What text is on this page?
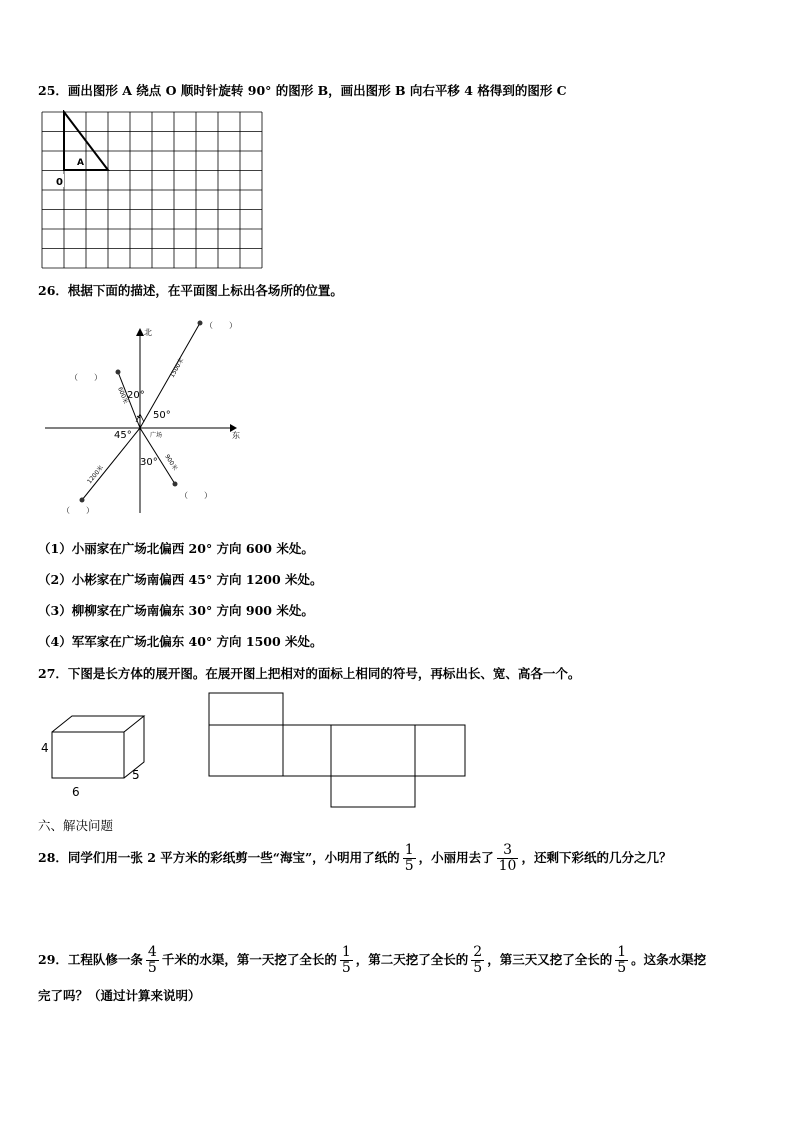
25．画出图形 A 绕点 O 顺时针旋转 90° 的图形 B，画出图形 B 向右平移 4 格得到的图形 C
A
0
26．根据下面的描述，在平面图上标出各场所的位置。
北
东
20°
50°
45°
30°
广场
1500米
600米
1200米
900米
（　　）
（　　）
（　　）
（　　）
（1）小丽家在广场北偏西 20° 方向 600 米处。
（2）小彬家在广场南偏西 45° 方向 1200 米处。
（3）柳柳家在广场南偏东 30° 方向 900 米处。
（4）军军家在广场北偏东 40° 方向 1500 米处。
27．下图是长方体的展开图。在展开图上把相对的面标上相同的符号，再标出长、宽、高各一个。
4
5
6
六、解决问题
28．同学们用一张 2 平方米的彩纸剪一些“海宝”，小明用了纸的 $\frac{1}{5}$ ，小丽用去了 $\frac{3}{10}$ ，还剩下彩纸的几分之几？
29．工程队修一条 $\frac{4}{5}$ 千米的水渠，第一天挖了全长的 $\frac{1}{5}$ ，第二天挖了全长的 $\frac{2}{5}$ ，第三天又挖了全长的 $\frac{1}{5}$ 。这条水渠挖
完了吗？（通过计算来说明）
